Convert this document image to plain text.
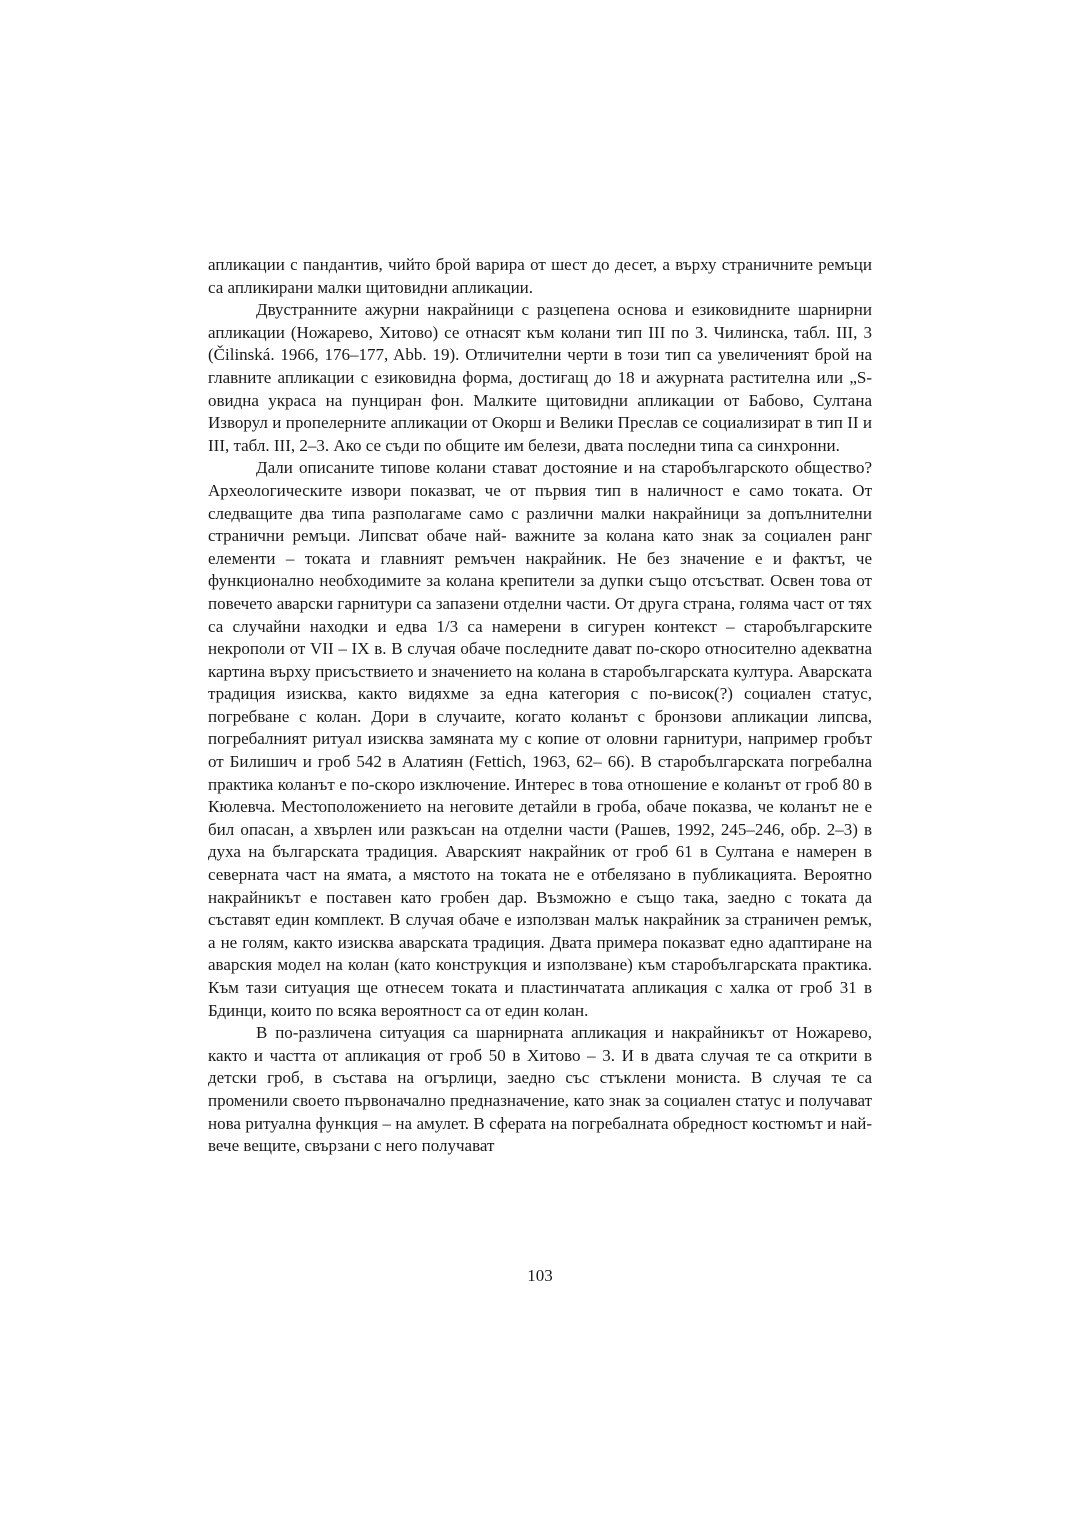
апликации с пандантив, чийто брой варира от шест до десет, а върху страничните ремъци са апликирани малки щитовидни апликации.

Двустранните ажурни накрайници с разцепена основа и езиковидните шарнирни апликации (Ножарево, Хитово) се отнасят към колани тип III по З. Чилинска, табл. III, 3 (Čilinská. 1966, 176–177, Abb. 19). Отличителни черти в този тип са увеличеният брой на главните апликации с езиковидна форма, достигащ до 18 и ажурната растителна или „S-овидна украса на пунциран фон. Малките щитовидни апликации от Бабово, Султана Изворул и пропелерните апликации от Окорш и Велики Преслав се социализират в тип II и III, табл. III, 2–3. Ако се съди по общите им белези, двата последни типа са синхронни.

Дали описаните типове колани стават достояние и на старобългарското общество? Археологическите извори показват, че от първия тип в наличност е само токата. От следващите два типа разполагаме само с различни малки накрайници за допълнителни странични ремъци. Липсват обаче най- важните за колана като знак за социален ранг елементи – токата и главният ремъчен накрайник. Не без значение е и фактът, че функционално необходимите за колана крепители за дупки също отсъстват. Освен това от повечето аварски гарнитури са запазени отделни части. От друга страна, голяма част от тях са случайни находки и едва 1/3 са намерени в сигурен контекст – старобългарските некрополи от VII – IX в. В случая обаче последните дават по-скоро относително адекватна картина върху присъствието и значението на колана в старобългарската култура. Аварската традиция изисква, както видяхме за една категория с по-висок(?) социален статус, погребване с колан. Дори в случаите, когато коланът с бронзови апликации липсва, погребалният ритуал изисква замяната му с копие от оловни гарнитури, например гробът от Билишич и гроб 542 в Алатиян (Fettich, 1963, 62– 66). В старобългарската погребална практика коланът е по-скоро изключение. Интерес в това отношение е коланът от гроб 80 в Кюлевча. Местоположението на неговите детайли в гроба, обаче показва, че коланът не е бил опасан, а хвърлен или разкъсан на отделни части (Рашев, 1992, 245–246, обр. 2–3) в духа на българската традиция. Аварският накрайник от гроб 61 в Султана е намерен в северната част на ямата, а мястото на токата не е отбелязано в публикацията. Вероятно накрайникът е поставен като гробен дар. Възможно е също така, заедно с токата да съставят един комплект. В случая обаче е използван малък накрайник за страничен ремък, а не голям, както изисква аварската традиция. Двата примера показват едно адаптиране на аварския модел на колан (като конструкция и използване) към старобългарската практика. Към тази ситуация ще отнесем токата и пластинчатата апликация с халка от гроб 31 в Бдинци, които по всяка вероятност са от един колан.

В по-различена ситуация са шарнирната апликация и накрайникът от Ножарево, както и частта от апликация от гроб 50 в Хитово – 3. И в двата случая те са открити в детски гроб, в състава на огърлици, заедно със стъклени мониста. В случая те са променили своето първоначално предназначение, като знак за социален статус и получават нова ритуална функция – на амулет. В сферата на погребалната обредност костюмът и най-вече вещите, свързани с него получават

103
